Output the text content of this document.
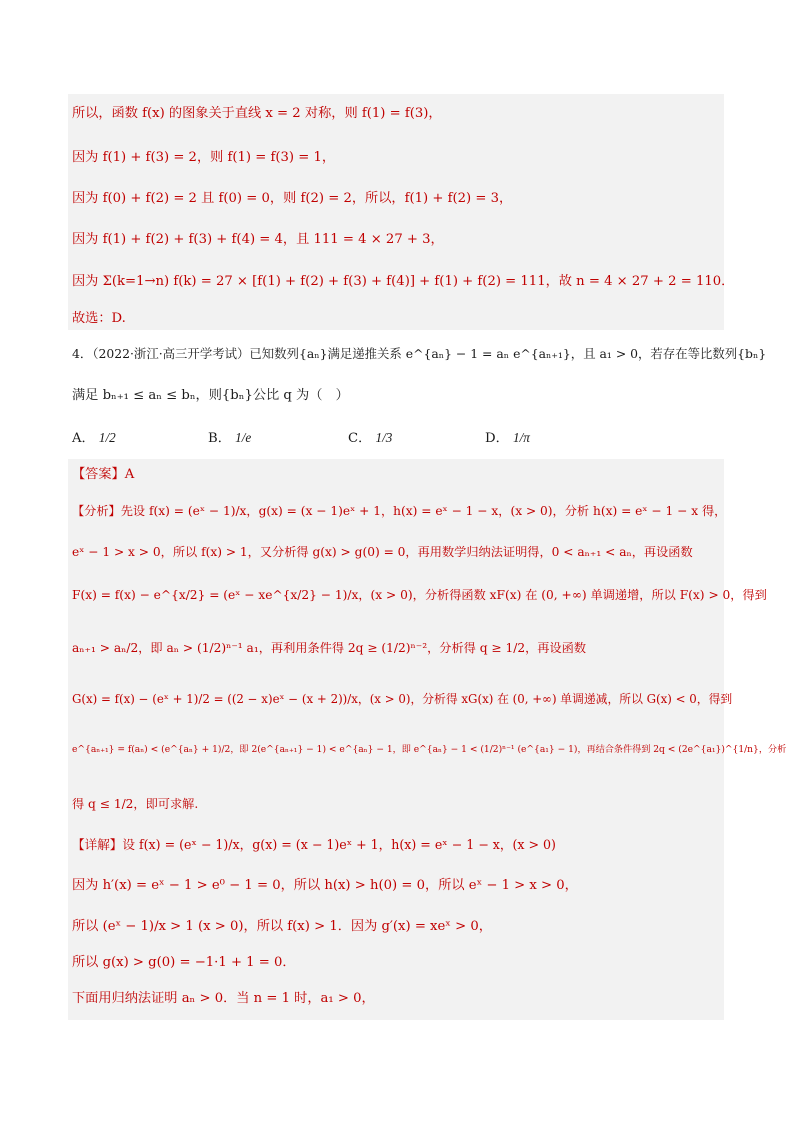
所以，函数 f(x) 的图象关于直线 x = 2 对称，则 f(1) = f(3)，
因为 f(1) + f(3) = 2，则 f(1) = f(3) = 1，
因为 f(0) + f(2) = 2 且 f(0) = 0，则 f(2) = 2，所以，f(1) + f(2) = 3，
因为 f(1) + f(2) + f(3) + f(4) = 4，且 111 = 4 × 27 + 3，
因为 Σ(k=1→n) f(k) = 27 × [f(1) + f(2) + f(3) + f(4)] + f(1) + f(2) = 111，故 n = 4 × 27 + 2 = 110．
故选：D.
4．（2022·浙江·高三开学考试）已知数列{aₙ}满足递推关系 e^{aₙ} − 1 = aₙ e^{aₙ₊₁}，且 a₁ > 0，若存在等比数列{bₙ}
满足 bₙ₊₁ ≤ aₙ ≤ bₙ，则{bₙ}公比 q 为（　）
A． 1/2	B． 1/e	C． 1/3	D． 1/π
【答案】A
【分析】先设 f(x) = (eˣ − 1)/x，g(x) = (x − 1)eˣ + 1，h(x) = eˣ − 1 − x，(x > 0)，分析 h(x) = eˣ − 1 − x 得，
eˣ − 1 > x > 0，所以 f(x) > 1，又分析得 g(x) > g(0) = 0，再用数学归纳法证明得，0 < aₙ₊₁ < aₙ，再设函数
F(x) = f(x) − e^{x/2} = (eˣ − xe^{x/2} − 1)/x，(x > 0)，分析得函数 xF(x) 在 (0, +∞) 单调递增，所以 F(x) > 0，得到
aₙ₊₁ > aₙ/2，即 aₙ > (1/2)ⁿ⁻¹ a₁，再利用条件得 2q ≥ (1/2)ⁿ⁻²，分析得 q ≥ 1/2，再设函数
G(x) = f(x) − (eˣ + 1)/2 = ((2 − x)eˣ − (x + 2))/x，(x > 0)，分析得 xG(x) 在 (0, +∞) 单调递减，所以 G(x) < 0，得到
e^{aₙ₊₁} = f(aₙ) < (e^{aₙ} + 1)/2，即 2(e^{aₙ₊₁} − 1) < e^{aₙ} − 1，即 e^{aₙ} − 1 < (1/2)ⁿ⁻¹ (e^{a₁} − 1)，再结合条件得到 2q < (2e^{a₁})^{1/n}，分析
得 q ≤ 1/2，即可求解.
【详解】设 f(x) = (eˣ − 1)/x，g(x) = (x − 1)eˣ + 1，h(x) = eˣ − 1 − x，(x > 0)
因为 h′(x) = eˣ − 1 > e⁰ − 1 = 0，所以 h(x) > h(0) = 0，所以 eˣ − 1 > x > 0，
所以 (eˣ − 1)/x > 1 (x > 0)，所以 f(x) > 1．因为 g′(x) = xeˣ > 0，
所以 g(x) > g(0) = −1·1 + 1 = 0．
下面用归纳法证明 aₙ > 0．当 n = 1 时，a₁ > 0，
